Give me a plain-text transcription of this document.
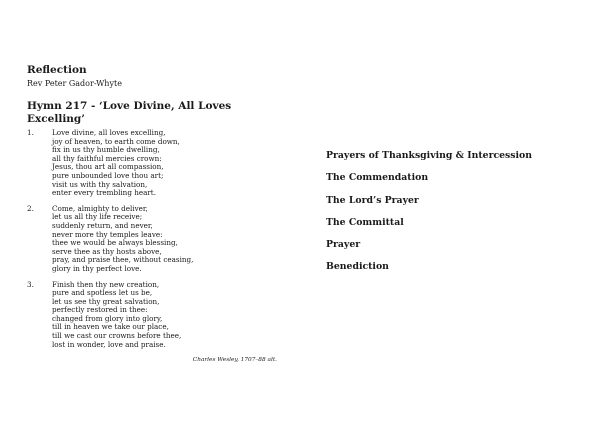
Reflection

Rev Peter Gador-Whyte

Hymn 217 - ‘Love Divine, All Loves Excelling’
1.	Love divine, all loves excelling,
joy of heaven, to earth come down,
fix in us thy humble dwelling,
all thy faithful mercies crown:
Jesus, thou art all compassion,
pure unbounded love thou art;
visit us with thy salvation,
enter every trembling heart.
2.	Come, almighty to deliver,
let us all thy life receive;
suddenly return, and never,
never more thy temples leave:
thee we would be always blessing,
serve thee as thy hosts above,
pray, and praise thee, without ceasing,
glory in thy perfect love.
3.	Finish then thy new creation,
pure and spotless let us be,
let us see thy great salvation,
perfectly restored in thee:
changed from glory into glory,
till in heaven we take our place,
till we cast our crowns before thee,
lost in wonder, love and praise.
Charles Wesley, 1707–88 alt.
Prayers of Thanksgiving & Intercession
The Commendation
The Lord’s Prayer
The Committal
Prayer
Benediction
